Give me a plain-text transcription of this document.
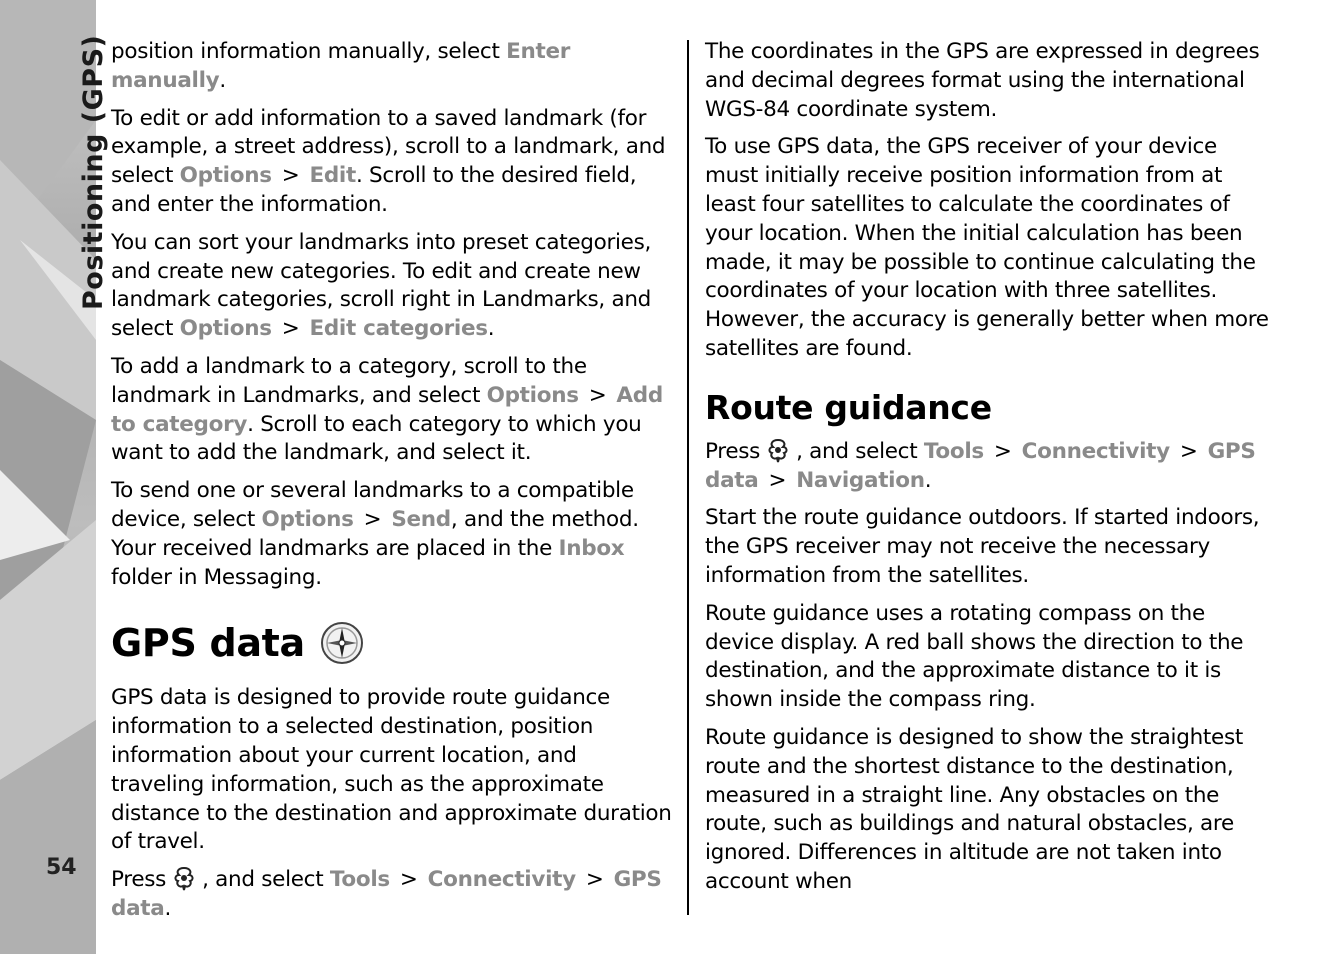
Positioning (GPS)
54

position information manually, select Enter manually.

To edit or add information to a saved landmark (for example, a street address), scroll to a landmark, and select Options > Edit. Scroll to the desired field, and enter the information.

You can sort your landmarks into preset categories, and create new categories. To edit and create new landmark categories, scroll right in Landmarks, and select Options > Edit categories.

To add a landmark to a category, scroll to the landmark in Landmarks, and select Options > Add to category. Scroll to each category to which you want to add the landmark, and select it.

To send one or several landmarks to a compatible device, select Options > Send, and the method. Your received landmarks are placed in the Inbox folder in Messaging.

GPS data

GPS data is designed to provide route guidance information to a selected destination, position information about your current location, and traveling information, such as the approximate distance to the destination and approximate duration of travel.

Press , and select Tools > Connectivity > GPS data.

The coordinates in the GPS are expressed in degrees and decimal degrees format using the international WGS-84 coordinate system.

To use GPS data, the GPS receiver of your device must initially receive position information from at least four satellites to calculate the coordinates of your location. When the initial calculation has been made, it may be possible to continue calculating the coordinates of your location with three satellites. However, the accuracy is generally better when more satellites are found.

Route guidance

Press , and select Tools > Connectivity > GPS data > Navigation.

Start the route guidance outdoors. If started indoors, the GPS receiver may not receive the necessary information from the satellites.

Route guidance uses a rotating compass on the device display. A red ball shows the direction to the destination, and the approximate distance to it is shown inside the compass ring.

Route guidance is designed to show the straightest route and the shortest distance to the destination, measured in a straight line. Any obstacles on the route, such as buildings and natural obstacles, are ignored. Differences in altitude are not taken into account when
